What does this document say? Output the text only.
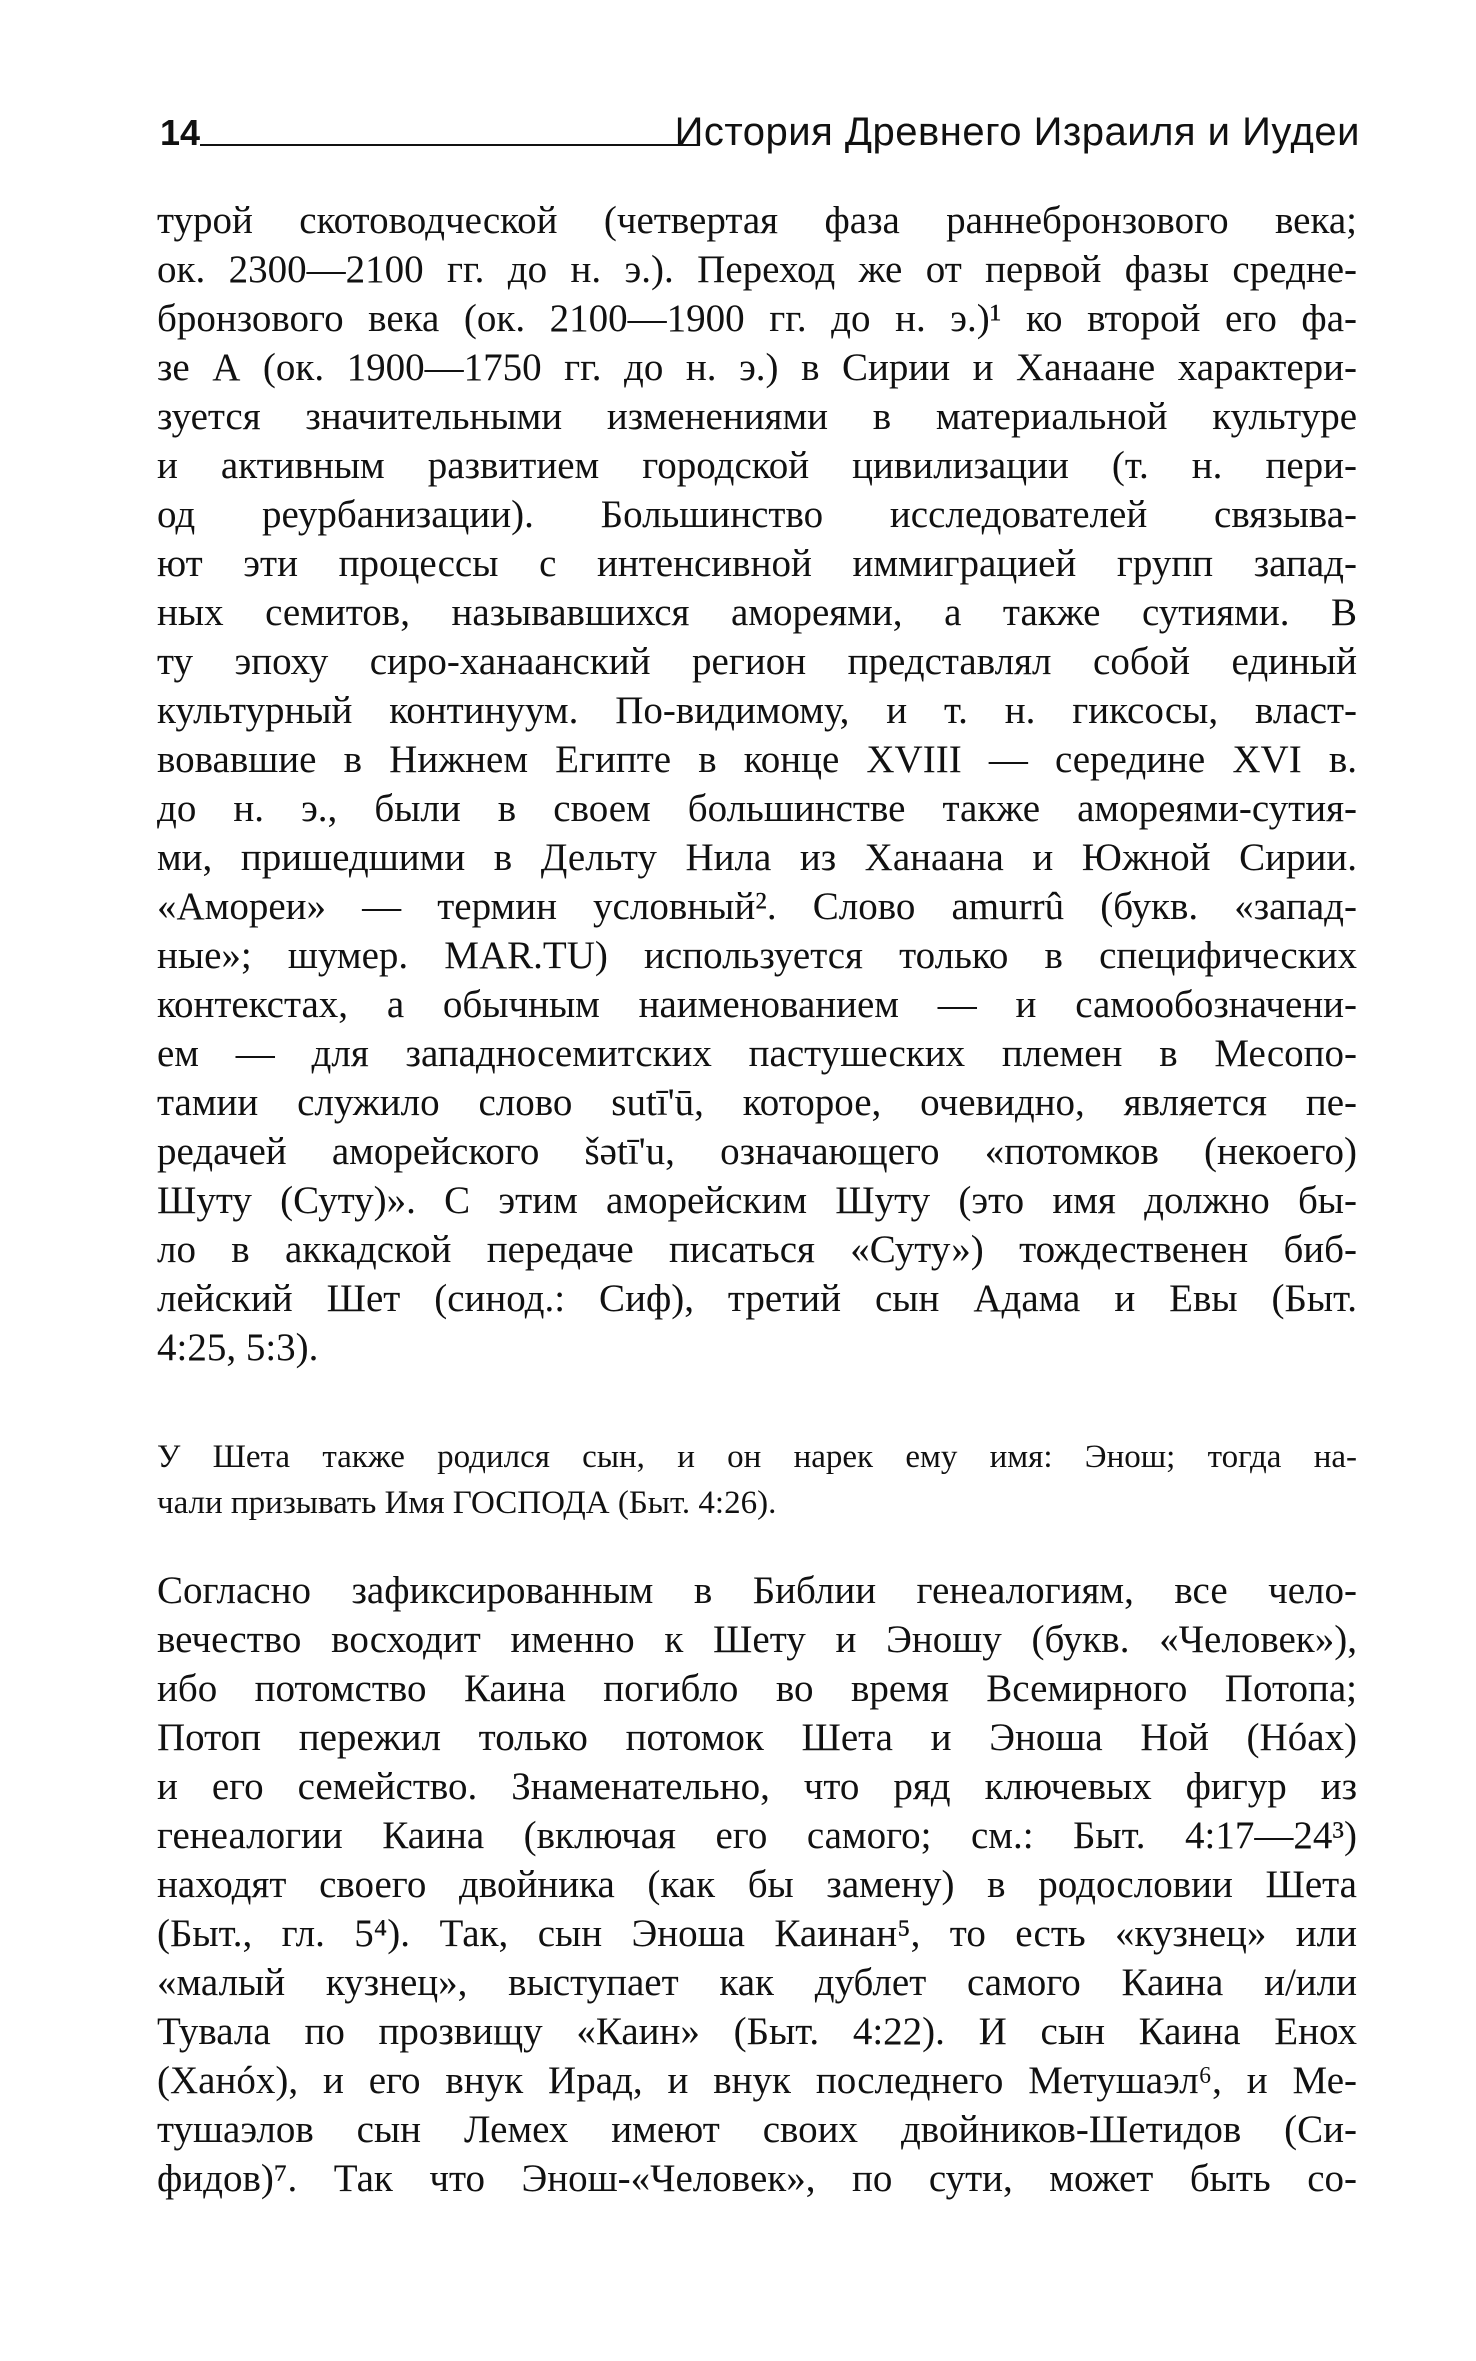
14	История Древнего Израиля и Иудеи
турой скотоводческой (четвертая фаза раннебронзового века;
ок. 2300—2100 гг. до н. э.). Переход же от первой фазы средне-
бронзового века (ок. 2100—1900 гг. до н. э.)¹ ко второй его фа-
зе А (ок. 1900—1750 гг. до н. э.) в Сирии и Ханаане характери-
зуется значительными изменениями в материальной культуре
и активным развитием городской цивилизации (т. н. пери-
од реурбанизации). Большинство исследователей связыва-
ют эти процессы с интенсивной иммиграцией групп запад-
ных семитов, называвшихся амореями, а также сутиями. В
ту эпоху сиро-ханаанский регион представлял собой единый
культурный континуум. По-видимому, и т. н. гиксосы, власт-
вовавшие в Нижнем Египте в конце XVIII — середине XVI в.
до н. э., были в своем большинстве также амореями-сутия-
ми, пришедшими в Дельту Нила из Ханаана и Южной Сирии.
«Амореи» — термин условный². Слово amurrû (букв. «запад-
ные»; шумер. MAR.TU) используется только в специфических
контекстах, а обычным наименованием — и самообозначени-
ем — для западносемитских пастушеских племен в Месопо-
тамии служило слово sutī'ū, которое, очевидно, является пе-
редачей аморейского šətī'u, означающего «потомков (некоего)
Шуту (Суту)». С этим аморейским Шуту (это имя должно бы-
ло в аккадской передаче писаться «Суту») тождественен биб-
лейский Шет (синод.: Сиф), третий сын Адама и Евы (Быт.
4:25, 5:3).
У Шета также родился сын, и он нарек ему имя: Энош; тогда на-
чали призывать Имя ГОСПОДА (Быт. 4:26).
Согласно зафиксированным в Библии генеалогиям, все чело-
вечество восходит именно к Шету и Эношу (букв. «Человек»),
ибо потомство Каина погибло во время Всемирного Потопа;
Потоп пережил только потомок Шета и Эноша Ной (Нóах)
и его семейство. Знаменательно, что ряд ключевых фигур из
генеалогии Каина (включая его самого; см.: Быт. 4:17—24³)
находят своего двойника (как бы замену) в родословии Шета
(Быт., гл. 5⁴). Так, сын Эноша Каинан⁵, то есть «кузнец» или
«малый кузнец», выступает как дублет самого Каина и/или
Тувала по прозвищу «Каин» (Быт. 4:22). И сын Каина Енох
(Ханóх), и его внук Ирад, и внук последнего Метушаэл⁶, и Ме-
тушаэлов сын Лемех имеют своих двойников-Шетидов (Си-
фидов)⁷. Так что Энош-«Человек», по сути, может быть со-
